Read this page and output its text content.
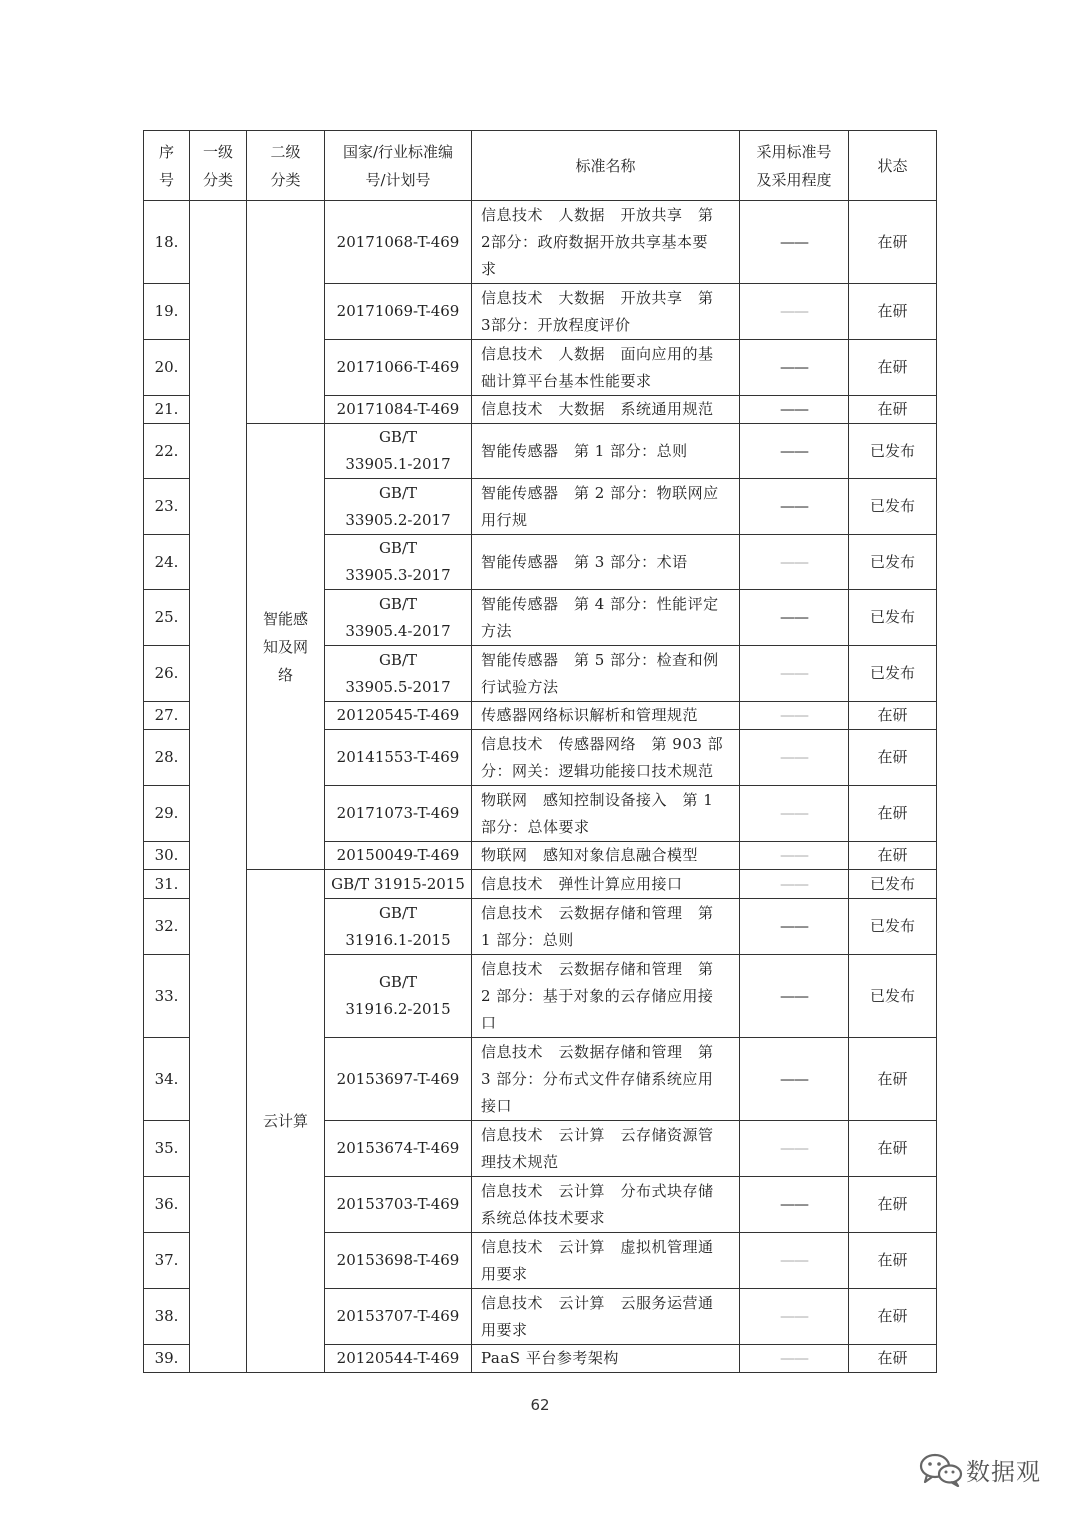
序
号	一级
分类	二级
分类	国家/行业标准编
号/计划号	标准名称	采用标准号
及采用程度	状态
18.			20171068-T-469	信息技术　人数据　开放共享　第
2部分：政府数据开放共享基本要
求	——	在研
19.			20171069-T-469	信息技术　大数据　开放共享　第
3部分：开放程度评价	——	在研
20.			20171066-T-469	信息技术　人数据　面向应用的基
础计算平台基本性能要求	——	在研
21.			20171084-T-469	信息技术　大数据　系统通用规范	——	在研
22.		智能感
知及网
络	GB/T
33905.1-2017	智能传感器　第 1 部分：总则	——	已发布
23.			GB/T
33905.2-2017	智能传感器　第 2 部分：物联网应
用行规	——	已发布
24.			GB/T
33905.3-2017	智能传感器　第 3 部分：术语	——	已发布
25.			GB/T
33905.4-2017	智能传感器　第 4 部分：性能评定
方法	——	已发布
26.			GB/T
33905.5-2017	智能传感器　第 5 部分：检查和例
行试验方法	——	已发布
27.			20120545-T-469	传感器网络标识解析和管理规范	——	在研
28.			20141553-T-469	信息技术　传感器网络　第 903 部
分：网关：逻辑功能接口技术规范	——	在研
29.			20171073-T-469	物联网　感知控制设备接入　第 1
部分：总体要求	——	在研
30.			20150049-T-469	物联网　感知对象信息融合模型	——	在研
31.		云计算	GB/T 31915-2015	信息技术　弹性计算应用接口	——	已发布
32.			GB/T
31916.1-2015	信息技术　云数据存储和管理　第
1 部分：总则	——	已发布
33.			GB/T
31916.2-2015	信息技术　云数据存储和管理　第
2 部分：基于对象的云存储应用接
口	——	已发布
34.			20153697-T-469	信息技术　云数据存储和管理　第
3 部分：分布式文件存储系统应用
接口	——	在研
35.			20153674-T-469	信息技术　云计算　云存储资源管
理技术规范	——	在研
36.			20153703-T-469	信息技术　云计算　分布式块存储
系统总体技术要求	——	在研
37.			20153698-T-469	信息技术　云计算　虚拟机管理通
用要求	——	在研
38.			20153707-T-469	信息技术　云计算　云服务运营通
用要求	——	在研
39.			20120544-T-469	PaaS 平台参考架构	——	在研
62
数据观
